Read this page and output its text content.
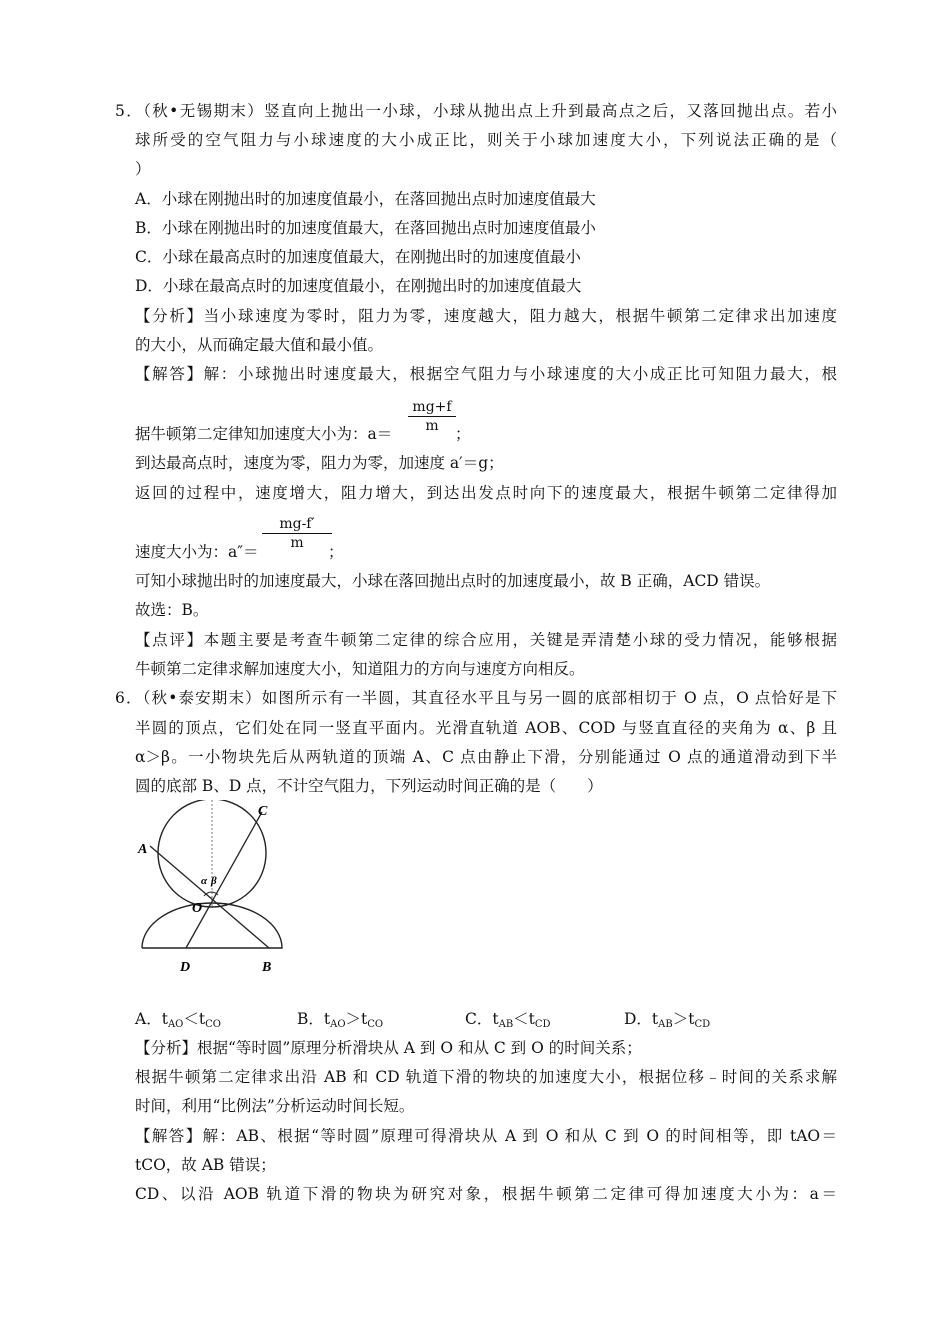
5．（秋•无锡期末）竖直向上抛出一小球，小球从抛出点上升到最高点之后，又落回抛出点。若小
球所受的空气阻力与小球速度的大小成正比，则关于小球加速度大小，下列说法正确的是（
）
A．小球在刚抛出时的加速度值最小，在落回抛出点时加速度值最大
B．小球在刚抛出时的加速度值最大，在落回抛出点时加速度值最小
C．小球在最高点时的加速度值最大，在刚抛出时的加速度值最小
D．小球在最高点时的加速度值最小，在刚抛出时的加速度值最大
【分析】当小球速度为零时，阻力为零，速度越大，阻力越大，根据牛顿第二定律求出加速度
的大小，从而确定最大值和最小值。
【解答】解：小球抛出时速度最大，根据空气阻力与小球速度的大小成正比可知阻力最大，根
$\frac{mg+f}{m}$
据牛顿第二定律知加速度大小为：a＝	；
到达最高点时，速度为零，阻力为零，加速度 a′＝g；
返回的过程中，速度增大，阻力增大，到达出发点时向下的速度最大，根据牛顿第二定律得加
$\frac{mg-f'}{m}$
速度大小为：a″＝	；
可知小球抛出时的加速度最大，小球在落回抛出点时的加速度最小，故 B 正确，ACD 错误。
故选：B。
【点评】本题主要是考查牛顿第二定律的综合应用，关键是弄清楚小球的受力情况，能够根据
牛顿第二定律求解加速度大小，知道阻力的方向与速度方向相反。
6．（秋•泰安期末）如图所示有一半圆，其直径水平且与另一圆的底部相切于 O 点，O 点恰好是下
半圆的顶点，它们处在同一竖直平面内。光滑直轨道 AOB、COD 与竖直直径的夹角为 α、β 且
α＞β。一小物块先后从两轨道的顶端 A、C 点由静止下滑，分别能通过 O 点的通道滑动到下半
圆的底部 B、D 点，不计空气阻力，下列运动时间正确的是（　　）
A
C
O
D	B
α β
A．$t_{AO}<t_{CO}$	B．$t_{AO}>t_{CO}$	C．$t_{AB}<t_{CD}$	D．$t_{AB}>t_{CD}$
【分析】根据“等时圆”原理分析滑块从 A 到 O 和从 C 到 O 的时间关系；
根据牛顿第二定律求出沿 AB 和 CD 轨道下滑的物块的加速度大小，根据位移﹣时间的关系求解
时间，利用“比例法”分析运动时间长短。
【解答】解：AB、根据“等时圆”原理可得滑块从 A 到 O 和从 C 到 O 的时间相等，即 tAO＝
tCO，故 AB 错误；
CD、以沿 AOB 轨道下滑的物块为研究对象，根据牛顿第二定律可得加速度大小为：a＝
